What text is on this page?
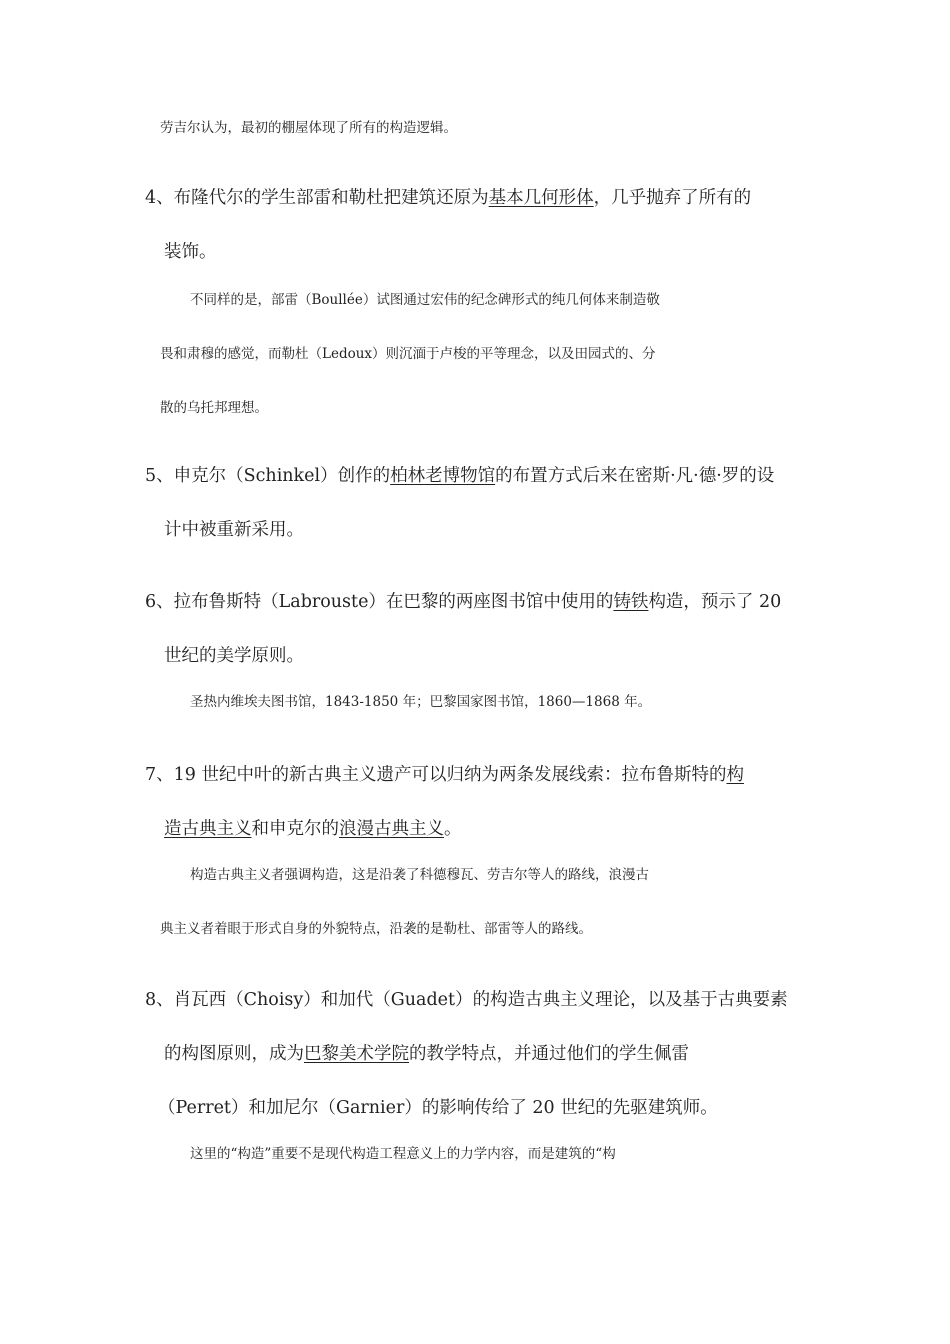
劳吉尔认为，最初的棚屋体现了所有的构造逻辑。
4、布隆代尔的学生部雷和勒杜把建筑还原为基本几何形体，几乎抛弃了所有的
装饰。
不同样的是，部雷（Boullée）试图通过宏伟的纪念碑形式的纯几何体来制造敬
畏和肃穆的感觉，而勒杜（Ledoux）则沉湎于卢梭的平等理念，以及田园式的、分
散的乌托邦理想。
5、申克尔（Schinkel）创作的柏林老博物馆的布置方式后来在密斯·凡·德·罗的设
计中被重新采用。
6、拉布鲁斯特（Labrouste）在巴黎的两座图书馆中使用的铸铁构造，预示了 20
世纪的美学原则。
圣热内维埃夫图书馆，1843-1850 年；巴黎国家图书馆，1860—1868 年。
7、19 世纪中叶的新古典主义遗产可以归纳为两条发展线索：拉布鲁斯特的构
造古典主义和申克尔的浪漫古典主义。
构造古典主义者强调构造，这是沿袭了科德穆瓦、劳吉尔等人的路线，浪漫古
典主义者着眼于形式自身的外貌特点，沿袭的是勒杜、部雷等人的路线。
8、肖瓦西（Choisy）和加代（Guadet）的构造古典主义理论，以及基于古典要素
的构图原则，成为巴黎美术学院的教学特点，并通过他们的学生佩雷
（Perret）和加尼尔（Garnier）的影响传给了 20 世纪的先驱建筑师。
这里的“构造”重要不是现代构造工程意义上的力学内容，而是建筑的“构
